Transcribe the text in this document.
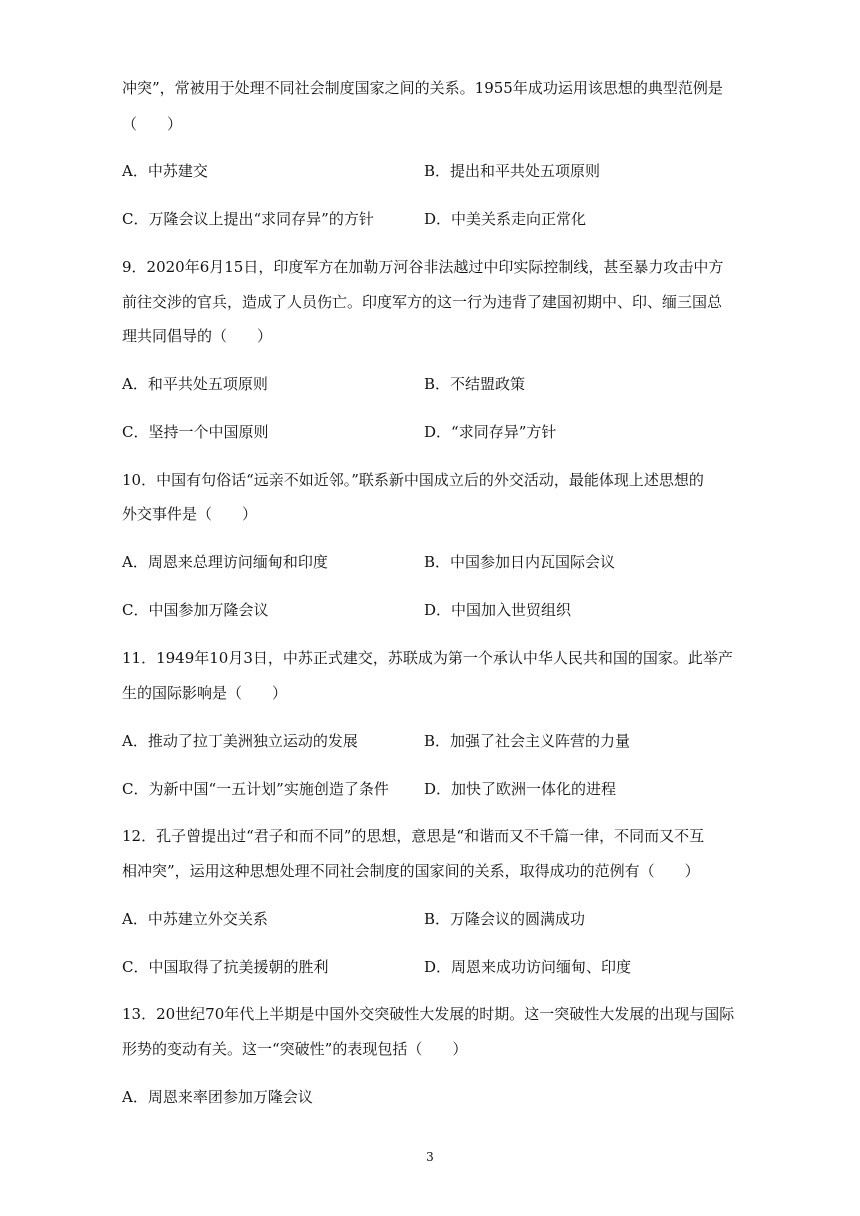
冲突”，常被用于处理不同社会制度国家之间的关系。1955年成功运用该思想的典型范例是
（　　）
A．中苏建交	B．提出和平共处五项原则
C．万隆会议上提出“求同存异”的方针	D．中美关系走向正常化
9．2020年6月15日，印度军方在加勒万河谷非法越过中印实际控制线，甚至暴力攻击中方
前往交涉的官兵，造成了人员伤亡。印度军方的这一行为违背了建国初期中、印、缅三国总
理共同倡导的（　　）
A．和平共处五项原则	B．不结盟政策
C．坚持一个中国原则	D．“求同存异”方针
10．中国有句俗话“远亲不如近邻。”联系新中国成立后的外交活动，最能体现上述思想的
外交事件是（　　）
A．周恩来总理访问缅甸和印度	B．中国参加日内瓦国际会议
C．中国参加万隆会议	D．中国加入世贸组织
11．1949年10月3日，中苏正式建交，苏联成为第一个承认中华人民共和国的国家。此举产
生的国际影响是（　　）
A．推动了拉丁美洲独立运动的发展	B．加强了社会主义阵营的力量
C．为新中国“一五计划”实施创造了条件 D．加快了欧洲一体化的进程
12．孔子曾提出过“君子和而不同”的思想，意思是“和谐而又不千篇一律，不同而又不互
相冲突”，运用这种思想处理不同社会制度的国家间的关系，取得成功的范例有（　　）
A．中苏建立外交关系	B．万隆会议的圆满成功
C．中国取得了抗美援朝的胜利	D．周恩来成功访问缅甸、印度
13．20世纪70年代上半期是中国外交突破性大发展的时期。这一突破性大发展的出现与国际
形势的变动有关。这一“突破性”的表现包括（　　）
A．周恩来率团参加万隆会议
3
